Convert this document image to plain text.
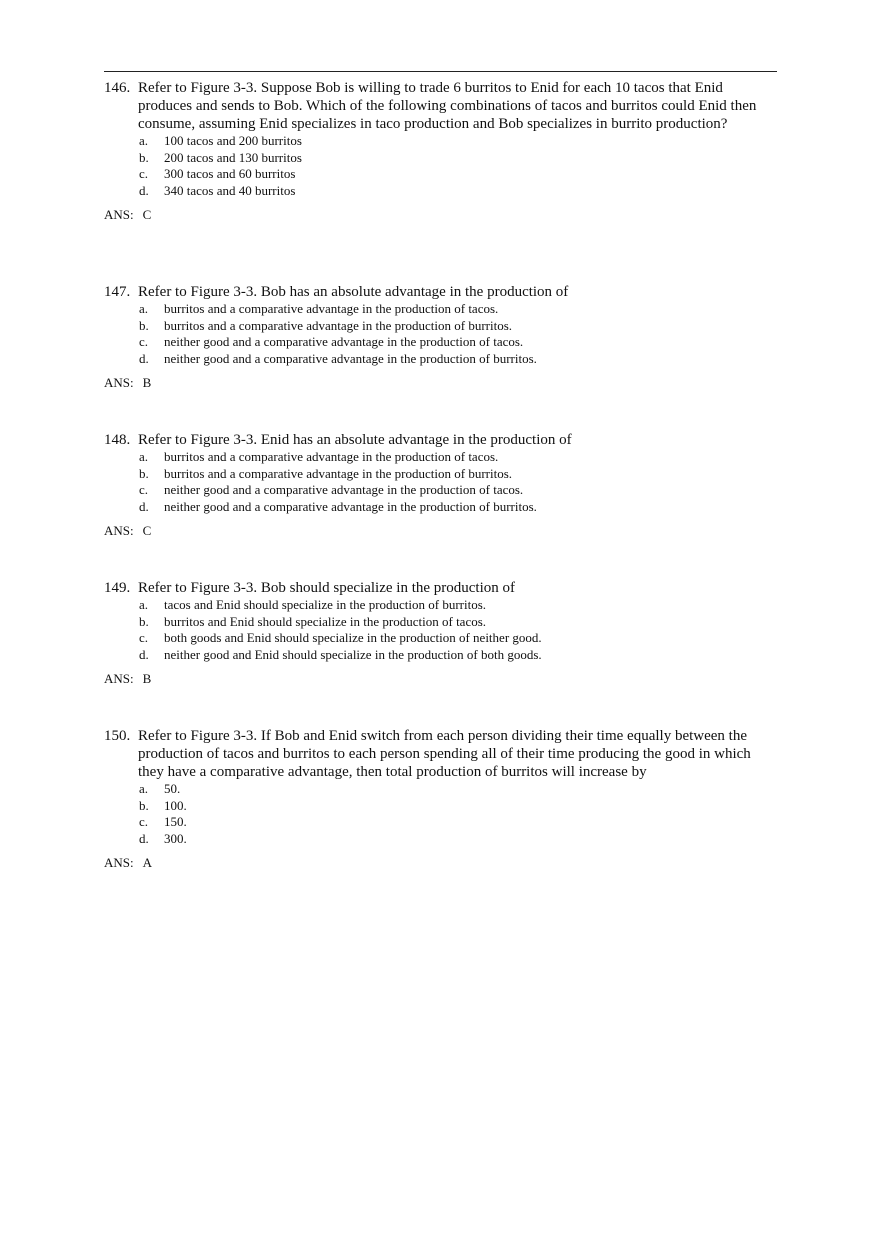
146. Refer to Figure 3-3. Suppose Bob is willing to trade 6 burritos to Enid for each 10 tacos that Enid produces and sends to Bob. Which of the following combinations of tacos and burritos could Enid then consume, assuming Enid specializes in taco production and Bob specializes in burrito production?
a. 100 tacos and 200 burritos
b. 200 tacos and 130 burritos
c. 300 tacos and 60 burritos
d. 340 tacos and 40 burritos
ANS: C
147. Refer to Figure 3-3. Bob has an absolute advantage in the production of
a. burritos and a comparative advantage in the production of tacos.
b. burritos and a comparative advantage in the production of burritos.
c. neither good and a comparative advantage in the production of tacos.
d. neither good and a comparative advantage in the production of burritos.
ANS: B
148. Refer to Figure 3-3. Enid has an absolute advantage in the production of
a. burritos and a comparative advantage in the production of tacos.
b. burritos and a comparative advantage in the production of burritos.
c. neither good and a comparative advantage in the production of tacos.
d. neither good and a comparative advantage in the production of burritos.
ANS: C
149. Refer to Figure 3-3. Bob should specialize in the production of
a. tacos and Enid should specialize in the production of burritos.
b. burritos and Enid should specialize in the production of tacos.
c. both goods and Enid should specialize in the production of neither good.
d. neither good and Enid should specialize in the production of both goods.
ANS: B
150. Refer to Figure 3-3. If Bob and Enid switch from each person dividing their time equally between the production of tacos and burritos to each person spending all of their time producing the good in which they have a comparative advantage, then total production of burritos will increase by
a. 50.
b. 100.
c. 150.
d. 300.
ANS: A
